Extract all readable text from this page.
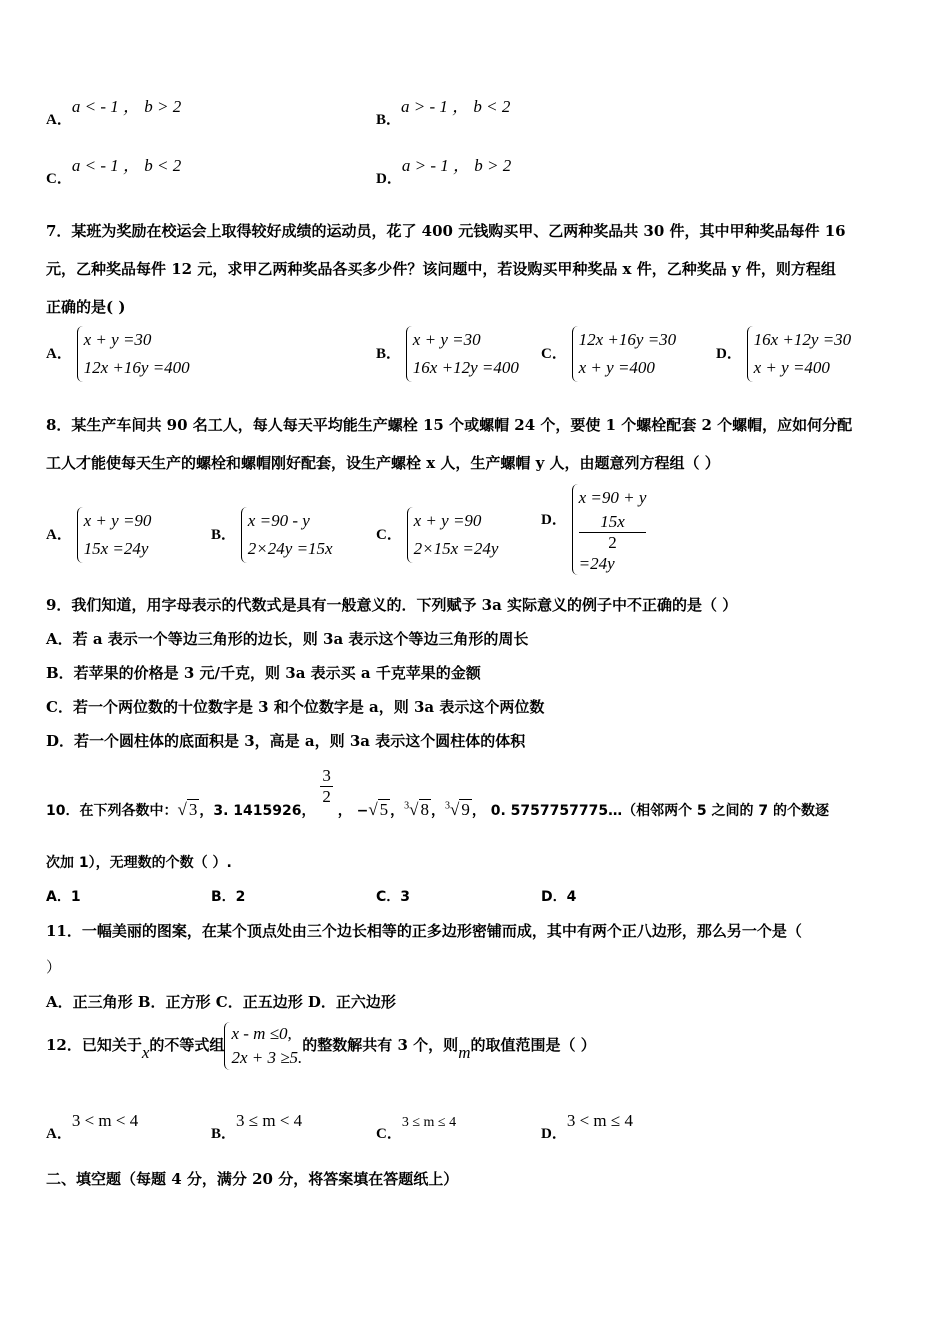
A．a < - 1 ， b > 2
B．a > - 1 ， b < 2
C．a < - 1 ， b < 2
D．a > - 1 ， b > 2
7．某班为奖励在校运会上取得较好成绩的运动员，花了 400 元钱购买甲、乙两种奖品共 30 件，其中甲种奖品每件 16
元，乙种奖品每件 12 元，求甲乙两种奖品各买多少件？该问题中，若设购买甲种奖品 x 件，乙种奖品 y 件，则方程组
正确的是( )
A．
x + y =30
12x +16y =400
B．
x + y =30
16x +12y =400
C．
12x +16y =30
x + y =400
D．
16x +12y =30
x + y =400
8．某生产车间共 90 名工人，每人每天平均能生产螺栓 15 个或螺帽 24 个，要使 1 个螺栓配套 2 个螺帽，应如何分配
工人才能使每天生产的螺栓和螺帽刚好配套，设生产螺栓 x 人，生产螺帽 y 人，由题意列方程组（ ）
A．
x + y =90
15x =24y
B．
x =90 - y
2×24y =15x
C．
x + y =90
2×15x =24y
D．
x =90 + y
15x
2
=24y
9．我们知道，用字母表示的代数式是具有一般意义的．下列赋予 3a 实际意义的例子中不正确的是（ ）
A．若 a 表示一个等边三角形的边长，则 3a 表示这个等边三角形的周长
B．若苹果的价格是 3 元/千克，则 3a 表示买 a 千克苹果的金额
C．若一个两位数的十位数字是 3 和个位数字是 a，则 3a 表示这个两位数
D．若一个圆柱体的底面积是 3，高是 a，则 3a 表示这个圆柱体的体积
10．在下列各数中：√ 3 ，3. 1415926，
$\frac{3}{2}$
， −√ 5 ，$^3$√ 8 ，$^3$√ 9 ， 0. 5757757775…（相邻两个 5 之间的 7 的个数逐
次加 1），无理数的个数（ ）.
A．1	B．2	C．3	D．4
11．一幅美丽的图案，在某个顶点处由三个边长相等的正多边形密铺而成，其中有两个正八边形，那么另一个是（
）
A．正三角形 B．正方形 C．正五边形 D．正六边形
12．已知关于x的不等式组
x - m ≤0,
2x + 3 ≥5.
的整数解共有 3 个，则m的取值范围是（ ）
A．3 < m < 4
B．3 ≤ m < 4
C．3 ≤ m ≤ 4
D．3 < m ≤ 4
二、填空题（每题 4 分，满分 20 分，将答案填在答题纸上）
